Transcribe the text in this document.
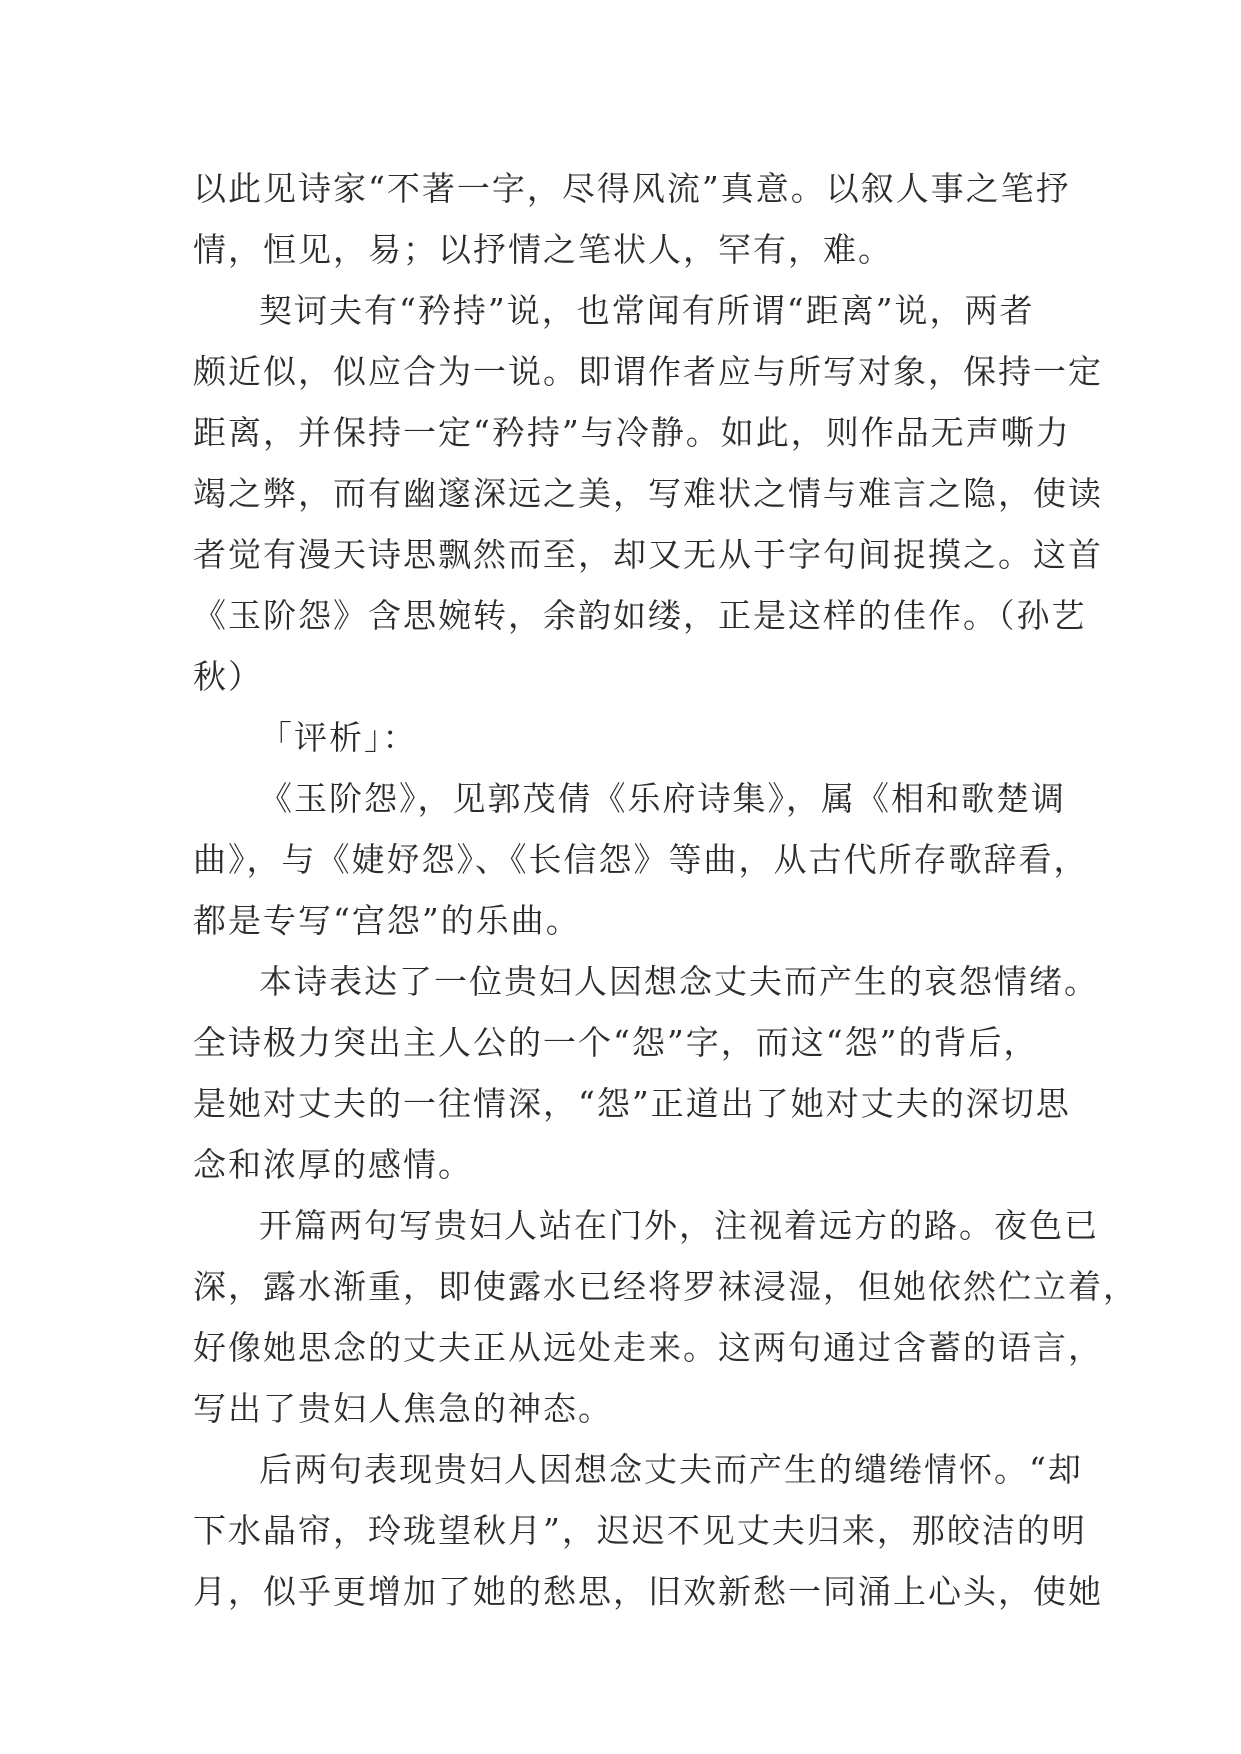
以此见诗家“不著一字，尽得风流”真意。以叙人事之笔抒
情，恒见，易；以抒情之笔状人，罕有，难。
契诃夫有“矜持”说，也常闻有所谓“距离”说，两者
颇近似，似应合为一说。即谓作者应与所写对象，保持一定
距离，并保持一定“矜持”与冷静。如此，则作品无声嘶力
竭之弊，而有幽邃深远之美，写难状之情与难言之隐，使读
者觉有漫天诗思飘然而至，却又无从于字句间捉摸之。这首
《玉阶怨》含思婉转，余韵如缕，正是这样的佳作。（孙艺
秋）
「评析」：
《玉阶怨》，见郭茂倩《乐府诗集》，属《相和歌楚调
曲》，与《婕妤怨》、《长信怨》等曲，从古代所存歌辞看，
都是专写“宫怨”的乐曲。
本诗表达了一位贵妇人因想念丈夫而产生的哀怨情绪。
全诗极力突出主人公的一个“怨”字，而这“怨”的背后，
是她对丈夫的一往情深，“怨”正道出了她对丈夫的深切思
念和浓厚的感情。
开篇两句写贵妇人站在门外，注视着远方的路。夜色已
深，露水渐重，即使露水已经将罗袜浸湿，但她依然伫立着，
好像她思念的丈夫正从远处走来。这两句通过含蓄的语言，
写出了贵妇人焦急的神态。
后两句表现贵妇人因想念丈夫而产生的缱绻情怀。“却
下水晶帘，玲珑望秋月”，迟迟不见丈夫归来，那皎洁的明
月，似乎更增加了她的愁思，旧欢新愁一同涌上心头，使她
